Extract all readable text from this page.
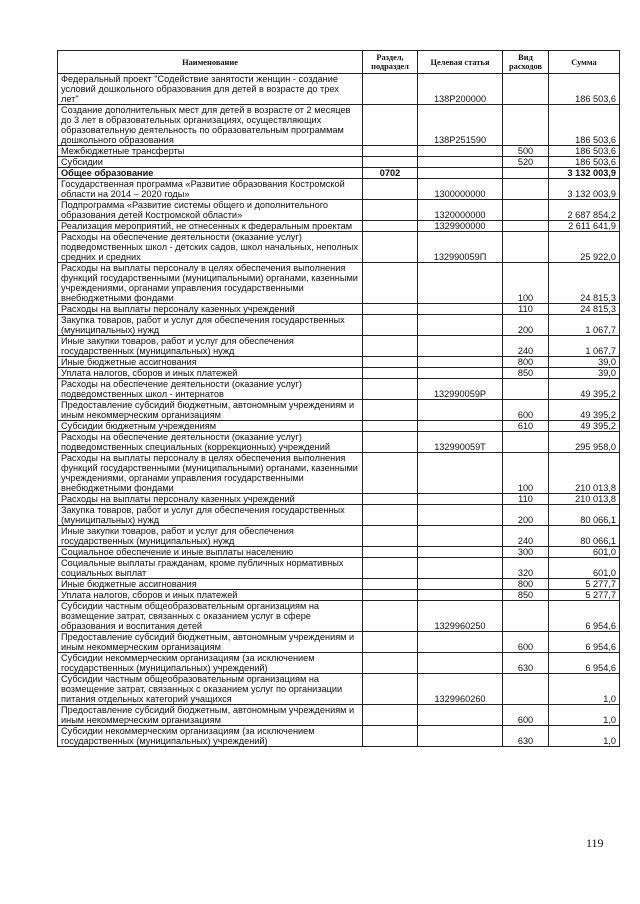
Наименование	Раздел, подраздел	Целевая статья	Вид расходов	Сумма
Федеральный проект "Содействие занятости женщин - создание условий дошкольного образования для детей в возрасте до трех лет"		138P200000		186 503,6
Создание дополнительных мест для детей в возрасте от 2 месяцев до 3 лет в образовательных организациях, осуществляющих образовательную деятельность по образовательным программам дошкольного образования		138P251590		186 503,6
Межбюджетные трансферты			500	186 503,6
Субсидии			520	186 503,6
Общее образование	0702			3 132 003,9
Государственная программа «Развитие образования Костромской области на 2014 – 2020 годы»		1300000000		3 132 003,9
Подпрограмма «Развитие системы общего и дополнительного образования детей Костромской области»		1320000000		2 687 854,2
Реализация мероприятий, не отнесенных к федеральным проектам		1329900000		2 611 641,9
Расходы на обеспечение деятельности (оказание услуг) подведомственных школ - детских садов, школ начальных, неполных средних и средних		132990059П		25 922,0
Расходы на выплаты персоналу в целях обеспечения выполнения функций государственными (муниципальными) органами, казенными учреждениями, органами управления государственными внебюджетными фондами			100	24 815,3
Расходы на выплаты персоналу казенных учреждений			110	24 815,3
Закупка товаров, работ и услуг для обеспечения государственных (муниципальных) нужд			200	1 067,7
Иные закупки товаров, работ и услуг для обеспечения государственных (муниципальных) нужд			240	1 067,7
Иные бюджетные ассигнования			800	39,0
Уплата налогов, сборов и иных платежей			850	39,0
Расходы на обеспечение деятельности (оказание услуг) подведомственных школ - интернатов		132990059Р		49 395,2
Предоставление субсидий бюджетным, автономным учреждениям и иным некоммерческим организациям			600	49 395,2
Субсидии бюджетным учреждениям			610	49 395,2
Расходы на обеспечение деятельности (оказание услуг) подведомственных специальных (коррекционных) учреждений		132990059Т		295 958,0
Расходы на выплаты персоналу в целях обеспечения выполнения функций государственными (муниципальными) органами, казенными учреждениями, органами управления государственными внебюджетными фондами			100	210 013,8
Расходы на выплаты персоналу казенных учреждений			110	210 013,8
Закупка товаров, работ и услуг для обеспечения государственных (муниципальных) нужд			200	80 066,1
Иные закупки товаров, работ и услуг для обеспечения государственных (муниципальных) нужд			240	80 066,1
Социальное обеспечение и иные выплаты населению			300	601,0
Социальные выплаты гражданам, кроме публичных нормативных социальных выплат			320	601,0
Иные бюджетные ассигнования			800	5 277,7
Уплата налогов, сборов и иных платежей			850	5 277,7
Субсидии частным общеобразовательным организациям на возмещение затрат, связанных с оказанием услуг в сфере образования и воспитания детей		1329960250		6 954,6
Предоставление субсидий бюджетным, автономным учреждениям и иным некоммерческим организациям			600	6 954,6
Субсидии некоммерческим организациям (за исключением государственных (муниципальных) учреждений)			630	6 954,6
Субсидии частным общеобразовательным организациям на возмещение затрат, связанных с оказанием услуг по организации питания отдельных категорий учащихся		1329960260		1,0
Предоставление субсидий бюджетным, автономным учреждениям и иным некоммерческим организациям			600	1,0
Субсидии некоммерческим организациям (за исключением государственных (муниципальных) учреждений)			630	1,0
119
